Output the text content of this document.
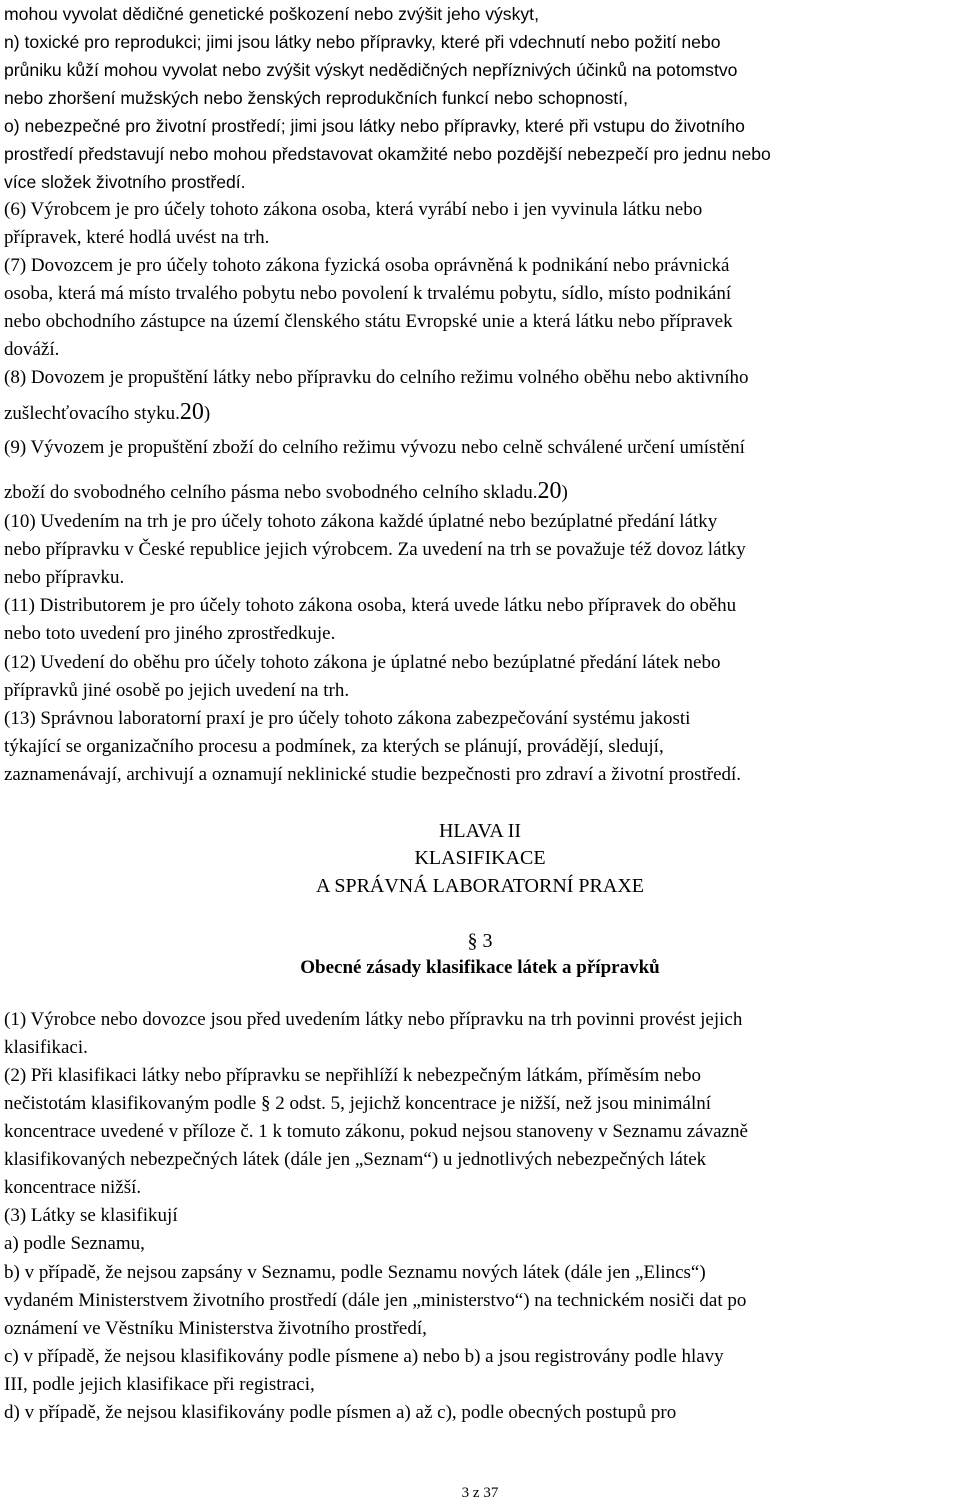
mohou vyvolat dědičné genetické poškození nebo zvýšit jeho výskyt,
n) toxické pro reprodukci; jimi jsou látky nebo přípravky, které při vdechnutí nebo požití nebo
průniku kůží mohou vyvolat nebo zvýšit výskyt nedědičných nepříznivých účinků na potomstvo
nebo zhoršení mužských nebo ženských reprodukčních funkcí nebo schopností,
o) nebezpečné pro životní prostředí; jimi jsou látky nebo přípravky, které při vstupu do životního
prostředí představují nebo mohou představovat okamžité nebo pozdější nebezpečí pro jednu nebo
více složek životního prostředí.
(6) Výrobcem je pro účely tohoto zákona osoba, která vyrábí nebo i jen vyvinula látku nebo
přípravek, které hodlá uvést na trh.
(7) Dovozcem je pro účely tohoto zákona fyzická osoba oprávněná k podnikání nebo právnická
osoba, která má místo trvalého pobytu nebo povolení k trvalému pobytu, sídlo, místo podnikání
nebo obchodního zástupce na území členského státu Evropské unie a která látku nebo přípravek
dováží.
(8) Dovozem je propuštění látky nebo přípravku do celního režimu volného oběhu nebo aktivního
zušlechťovacího styku.20)
(9) Vývozem je propuštění zboží do celního režimu vývozu nebo celně schválené určení umístění
zboží do svobodného celního pásma nebo svobodného celního skladu.20)
(10) Uvedením na trh je pro účely tohoto zákona každé úplatné nebo bezúplatné předání látky
nebo přípravku v České republice jejich výrobcem. Za uvedení na trh se považuje též dovoz látky
nebo přípravku.
(11) Distributorem je pro účely tohoto zákona osoba, která uvede látku nebo přípravek do oběhu
nebo toto uvedení pro jiného zprostředkuje.
(12) Uvedení do oběhu pro účely tohoto zákona je úplatné nebo bezúplatné předání látek nebo
přípravků jiné osobě po jejich uvedení na trh.
(13) Správnou laboratorní praxí je pro účely tohoto zákona zabezpečování systému jakosti
týkající se organizačního procesu a podmínek, za kterých se plánují, provádějí, sledují,
zaznamenávají, archivují a oznamují neklinické studie bezpečnosti pro zdraví a životní prostředí.
HLAVA II
KLASIFIKACE
A SPRÁVNÁ LABORATORNÍ PRAXE
§ 3
Obecné zásady klasifikace látek a přípravků
(1) Výrobce nebo dovozce jsou před uvedením látky nebo přípravku na trh povinni provést jejich
klasifikaci.
(2) Při klasifikaci látky nebo přípravku se nepřihlíží k nebezpečným látkám, příměsím nebo
nečistotám klasifikovaným podle § 2 odst. 5, jejichž koncentrace je nižší, než jsou minimální
koncentrace uvedené v příloze č. 1 k tomuto zákonu, pokud nejsou stanoveny v Seznamu závazně
klasifikovaných nebezpečných látek (dále jen „Seznam“) u jednotlivých nebezpečných látek
koncentrace nižší.
(3) Látky se klasifikují
a) podle Seznamu,
b) v případě, že nejsou zapsány v Seznamu, podle Seznamu nových látek (dále jen „Elincs“)
vydaném Ministerstvem životního prostředí (dále jen „ministerstvo“) na technickém nosiči dat po
oznámení ve Věstníku Ministerstva životního prostředí,
c) v případě, že nejsou klasifikovány podle písmene a) nebo b) a jsou registrovány podle hlavy
III, podle jejich klasifikace při registraci,
d) v případě, že nejsou klasifikovány podle písmen a) až c), podle obecných postupů pro
3 z 37
